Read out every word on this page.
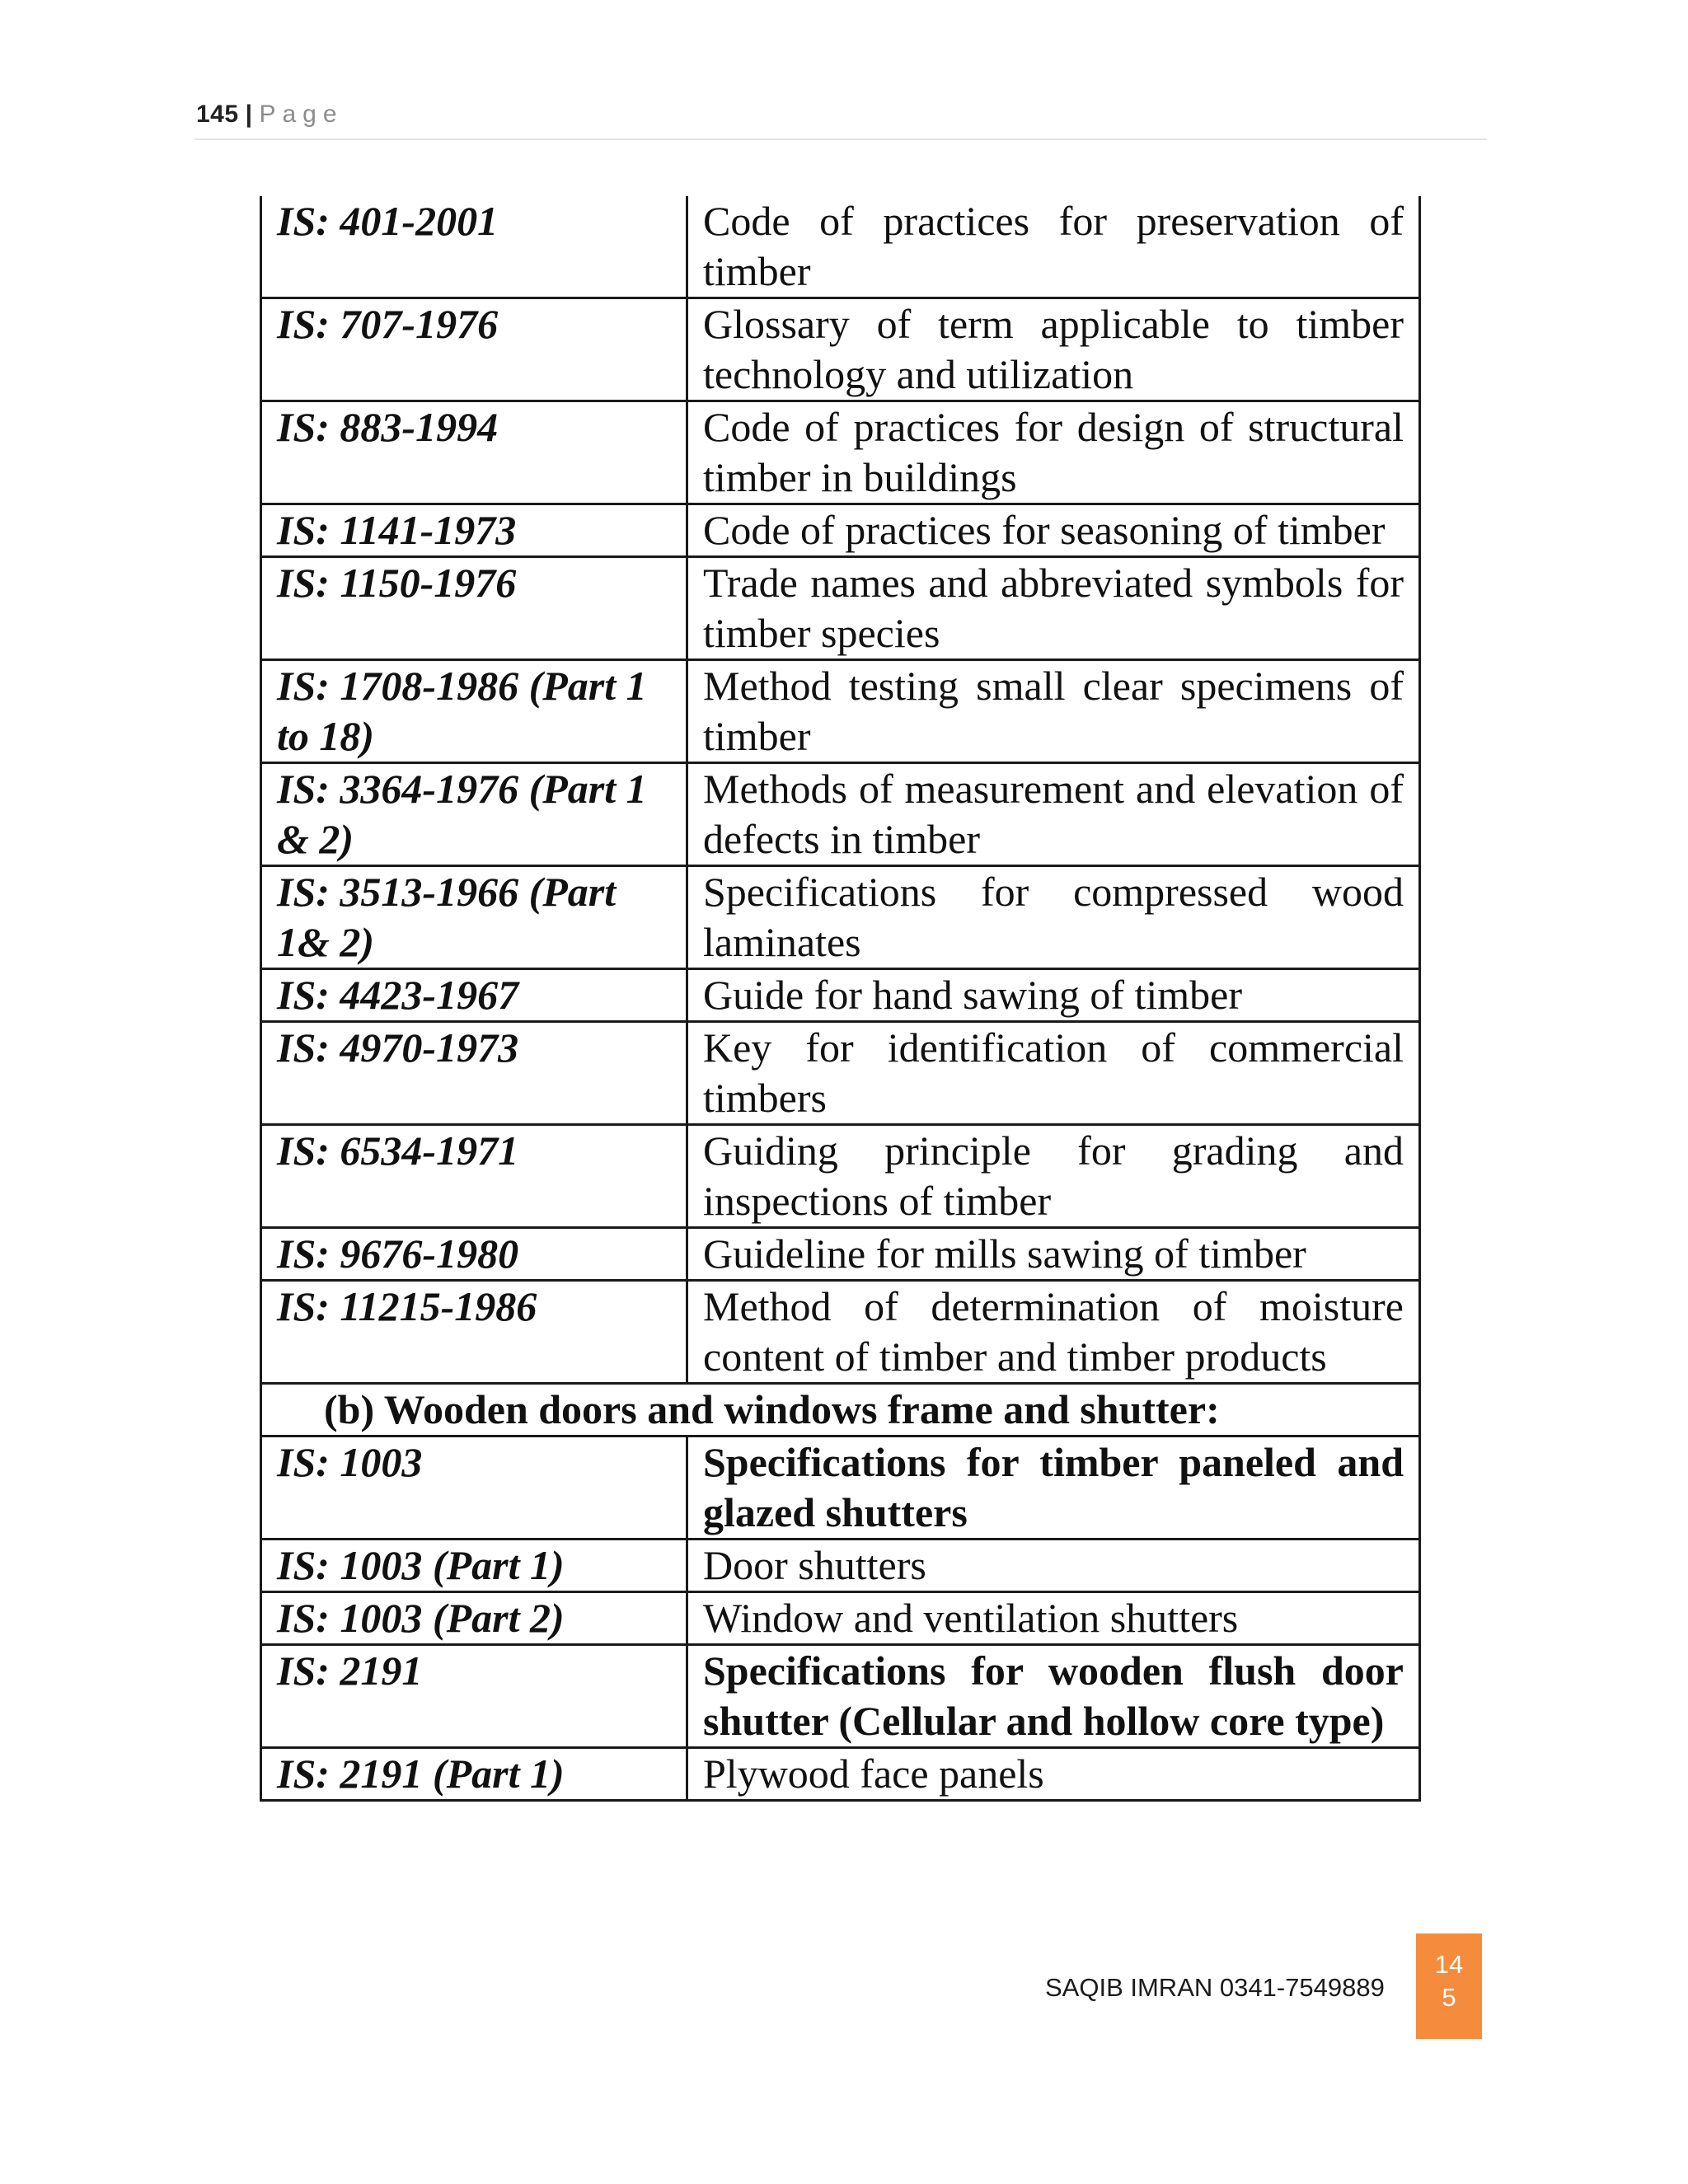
145 | Page
IS: 401-2001	Code of practices for preservation of timber
IS: 707-1976	Glossary of term applicable to timber technology and utilization
IS: 883-1994	Code of practices for design of structural timber in buildings
IS: 1141-1973	Code of practices for seasoning of timber
IS: 1150-1976	Trade names and abbreviated symbols for timber species
IS: 1708-1986 (Part 1 to 18)	Method testing small clear specimens of timber
IS: 3364-1976 (Part 1 & 2)	Methods of measurement and elevation of defects in timber
IS: 3513-1966 (Part 1& 2)	Specifications for compressed wood laminates
IS: 4423-1967	Guide for hand sawing of timber
IS: 4970-1973	Key for identification of commercial timbers
IS: 6534-1971	Guiding principle for grading and inspections of timber
IS: 9676-1980	Guideline for mills sawing of timber
IS: 11215-1986	Method of determination of moisture content of timber and timber products
(b) Wooden doors and windows frame and shutter:	
IS: 1003	Specifications for timber paneled and glazed shutters
IS: 1003 (Part 1)	Door shutters
IS: 1003 (Part 2)	Window and ventilation shutters
IS: 2191	Specifications for wooden flush door shutter (Cellular and hollow core type)
IS: 2191 (Part 1)	Plywood face panels
SAQIB IMRAN 0341-7549889
14
5
